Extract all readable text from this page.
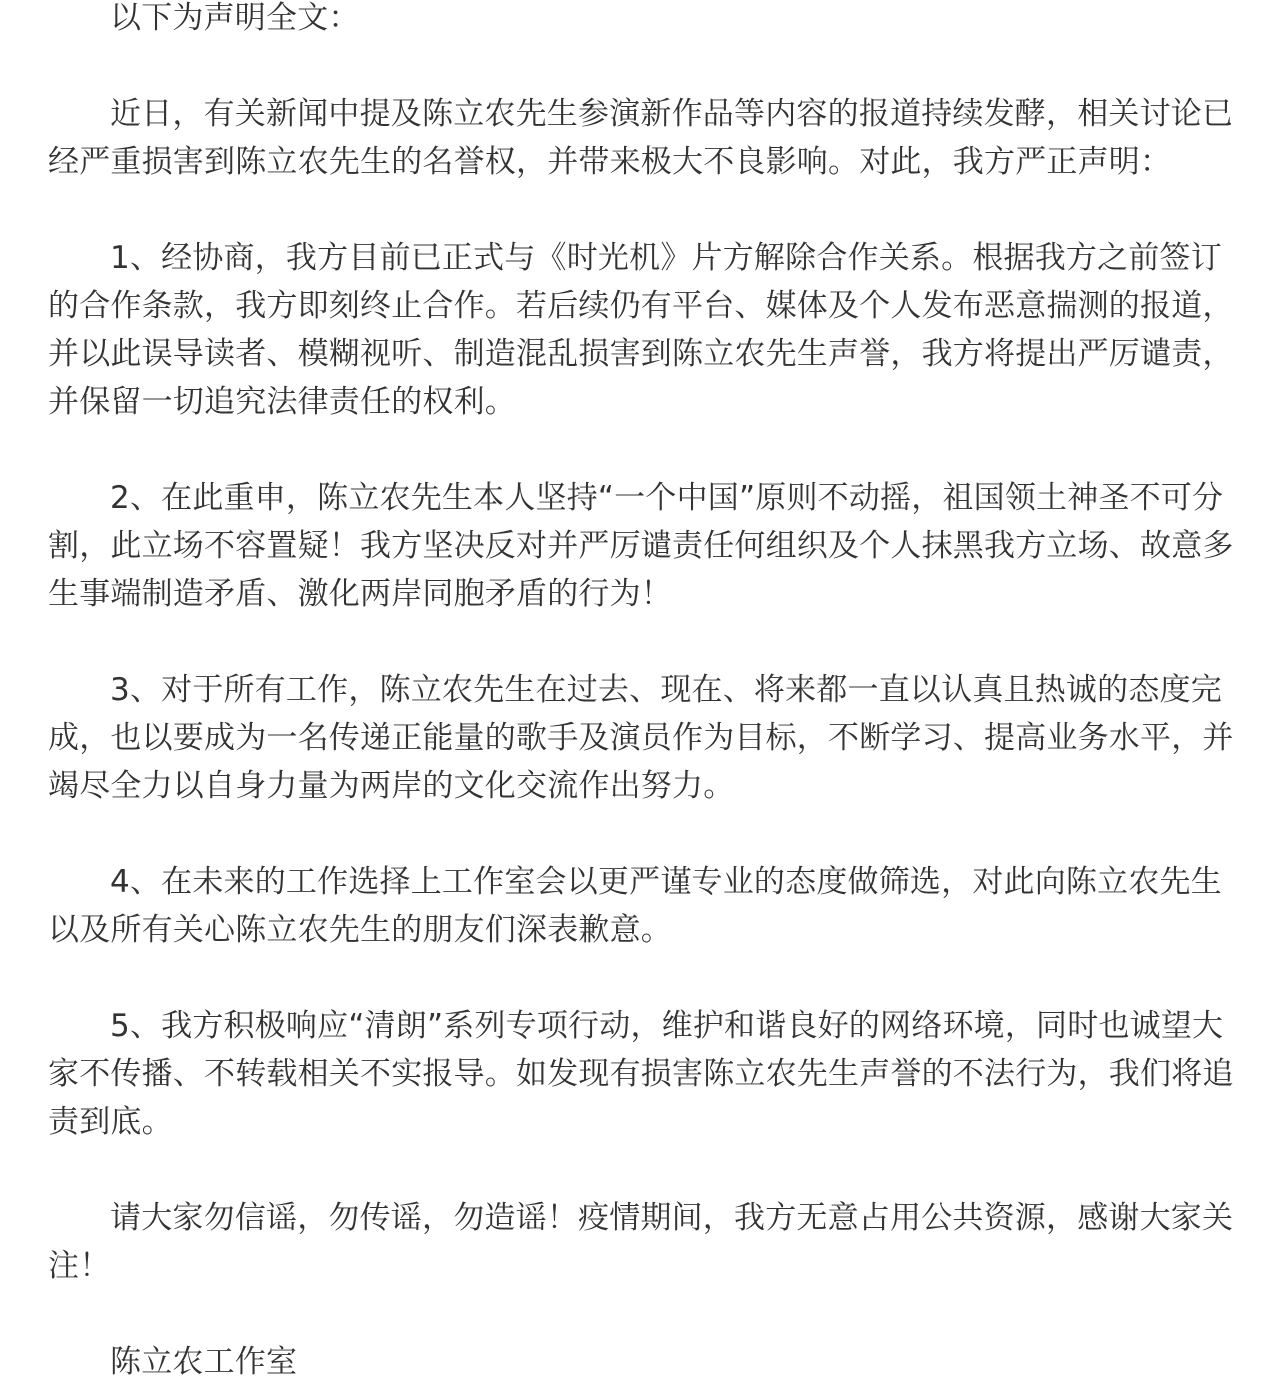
以下为声明全文：

近日，有关新闻中提及陈立农先生参演新作品等内容的报道持续发酵，相关讨论已经严重损害到陈立农先生的名誉权，并带来极大不良影响。对此，我方严正声明：

1、经协商，我方目前已正式与《时光机》片方解除合作关系。根据我方之前签订的合作条款，我方即刻终止合作。若后续仍有平台、媒体及个人发布恶意揣测的报道，并以此误导读者、模糊视听、制造混乱损害到陈立农先生声誉，我方将提出严厉谴责，并保留一切追究法律责任的权利。

2、在此重申，陈立农先生本人坚持“一个中国”原则不动摇，祖国领土神圣不可分割，此立场不容置疑！我方坚决反对并严厉谴责任何组织及个人抹黑我方立场、故意多生事端制造矛盾、激化两岸同胞矛盾的行为！

3、对于所有工作，陈立农先生在过去、现在、将来都一直以认真且热诚的态度完成，也以要成为一名传递正能量的歌手及演员作为目标，不断学习、提高业务水平，并竭尽全力以自身力量为两岸的文化交流作出努力。

4、在未来的工作选择上工作室会以更严谨专业的态度做筛选，对此向陈立农先生以及所有关心陈立农先生的朋友们深表歉意。

5、我方积极响应“清朗”系列专项行动，维护和谐良好的网络环境，同时也诚望大家不传播、不转载相关不实报导。如发现有损害陈立农先生声誉的不法行为，我们将追责到底。

请大家勿信谣，勿传谣，勿造谣！疫情期间，我方无意占用公共资源，感谢大家关注！

陈立农工作室
